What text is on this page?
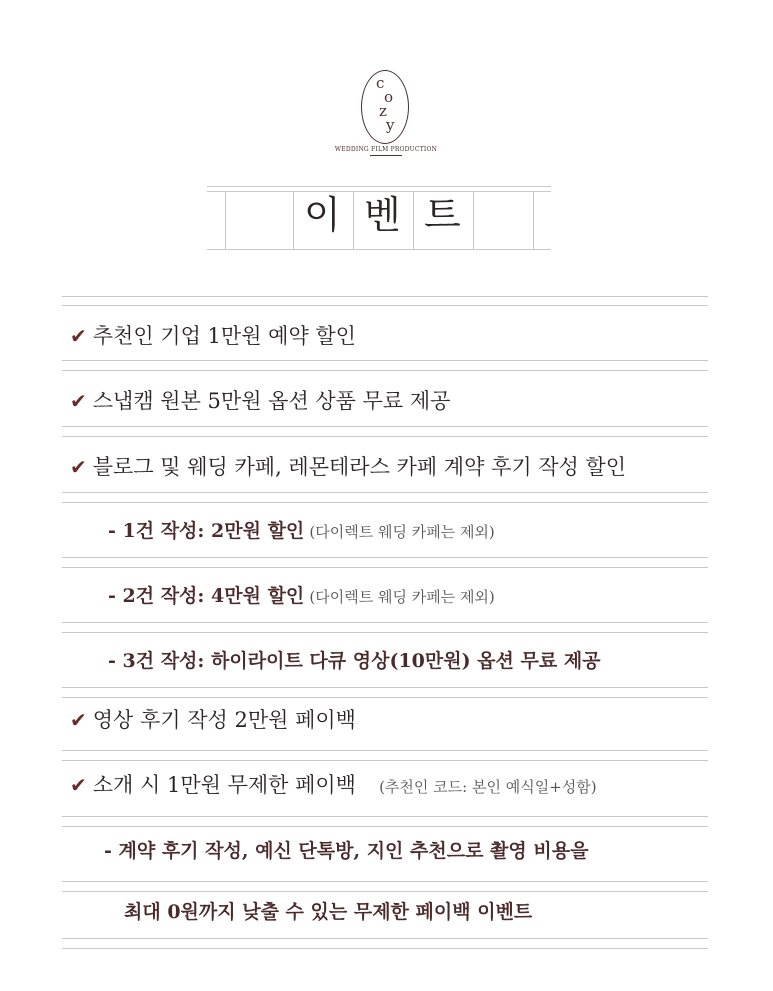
c
o
z
y
WEDDING FILM PRODUCTION
이 벤 트
✔ 추천인 기업 1만원 예약 할인
✔ 스냅캠 원본 5만원 옵션 상품 무료 제공
✔ 블로그 및 웨딩 카페, 레몬테라스 카페 계약 후기 작성 할인
- 1건 작성: 2만원 할인 (다이렉트 웨딩 카페는 제외)
- 2건 작성: 4만원 할인 (다이렉트 웨딩 카페는 제외)
- 3건 작성: 하이라이트 다큐 영상(10만원) 옵션 무료 제공
✔ 영상 후기 작성 2만원 페이백
✔ 소개 시 1만원 무제한 페이백 (추천인 코드: 본인 예식일+성함)
- 계약 후기 작성, 예신 단톡방, 지인 추천으로 촬영 비용을
최대 0원까지 낮출 수 있는 무제한 페이백 이벤트
